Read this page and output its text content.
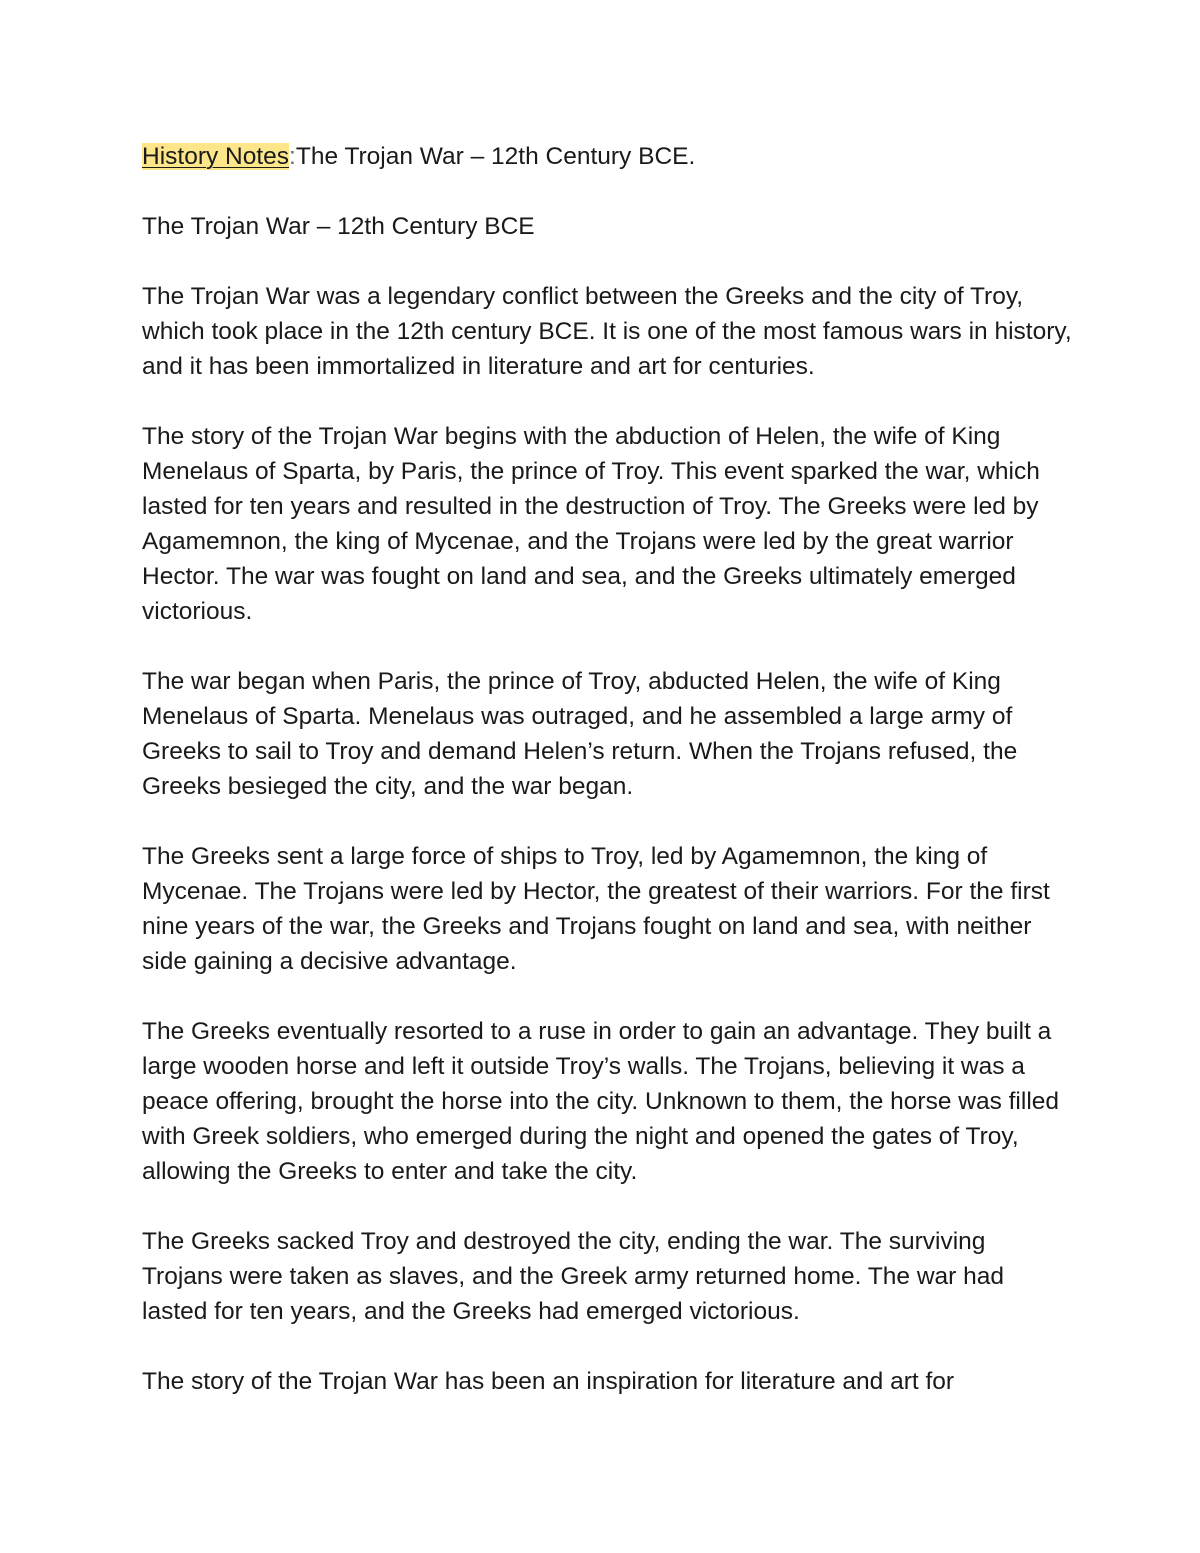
History Notes:The Trojan War – 12th Century BCE.
The Trojan War – 12th Century BCE

The Trojan War was a legendary conflict between the Greeks and the city of Troy, which took place in the 12th century BCE. It is one of the most famous wars in history, and it has been immortalized in literature and art for centuries.

The story of the Trojan War begins with the abduction of Helen, the wife of King Menelaus of Sparta, by Paris, the prince of Troy. This event sparked the war, which lasted for ten years and resulted in the destruction of Troy. The Greeks were led by Agamemnon, the king of Mycenae, and the Trojans were led by the great warrior Hector. The war was fought on land and sea, and the Greeks ultimately emerged victorious.

The war began when Paris, the prince of Troy, abducted Helen, the wife of King Menelaus of Sparta. Menelaus was outraged, and he assembled a large army of Greeks to sail to Troy and demand Helen’s return. When the Trojans refused, the Greeks besieged the city, and the war began.

The Greeks sent a large force of ships to Troy, led by Agamemnon, the king of Mycenae. The Trojans were led by Hector, the greatest of their warriors. For the first nine years of the war, the Greeks and Trojans fought on land and sea, with neither side gaining a decisive advantage.

The Greeks eventually resorted to a ruse in order to gain an advantage. They built a large wooden horse and left it outside Troy’s walls. The Trojans, believing it was a peace offering, brought the horse into the city. Unknown to them, the horse was filled with Greek soldiers, who emerged during the night and opened the gates of Troy, allowing the Greeks to enter and take the city.

The Greeks sacked Troy and destroyed the city, ending the war. The surviving Trojans were taken as slaves, and the Greek army returned home. The war had lasted for ten years, and the Greeks had emerged victorious.

The story of the Trojan War has been an inspiration for literature and art for
